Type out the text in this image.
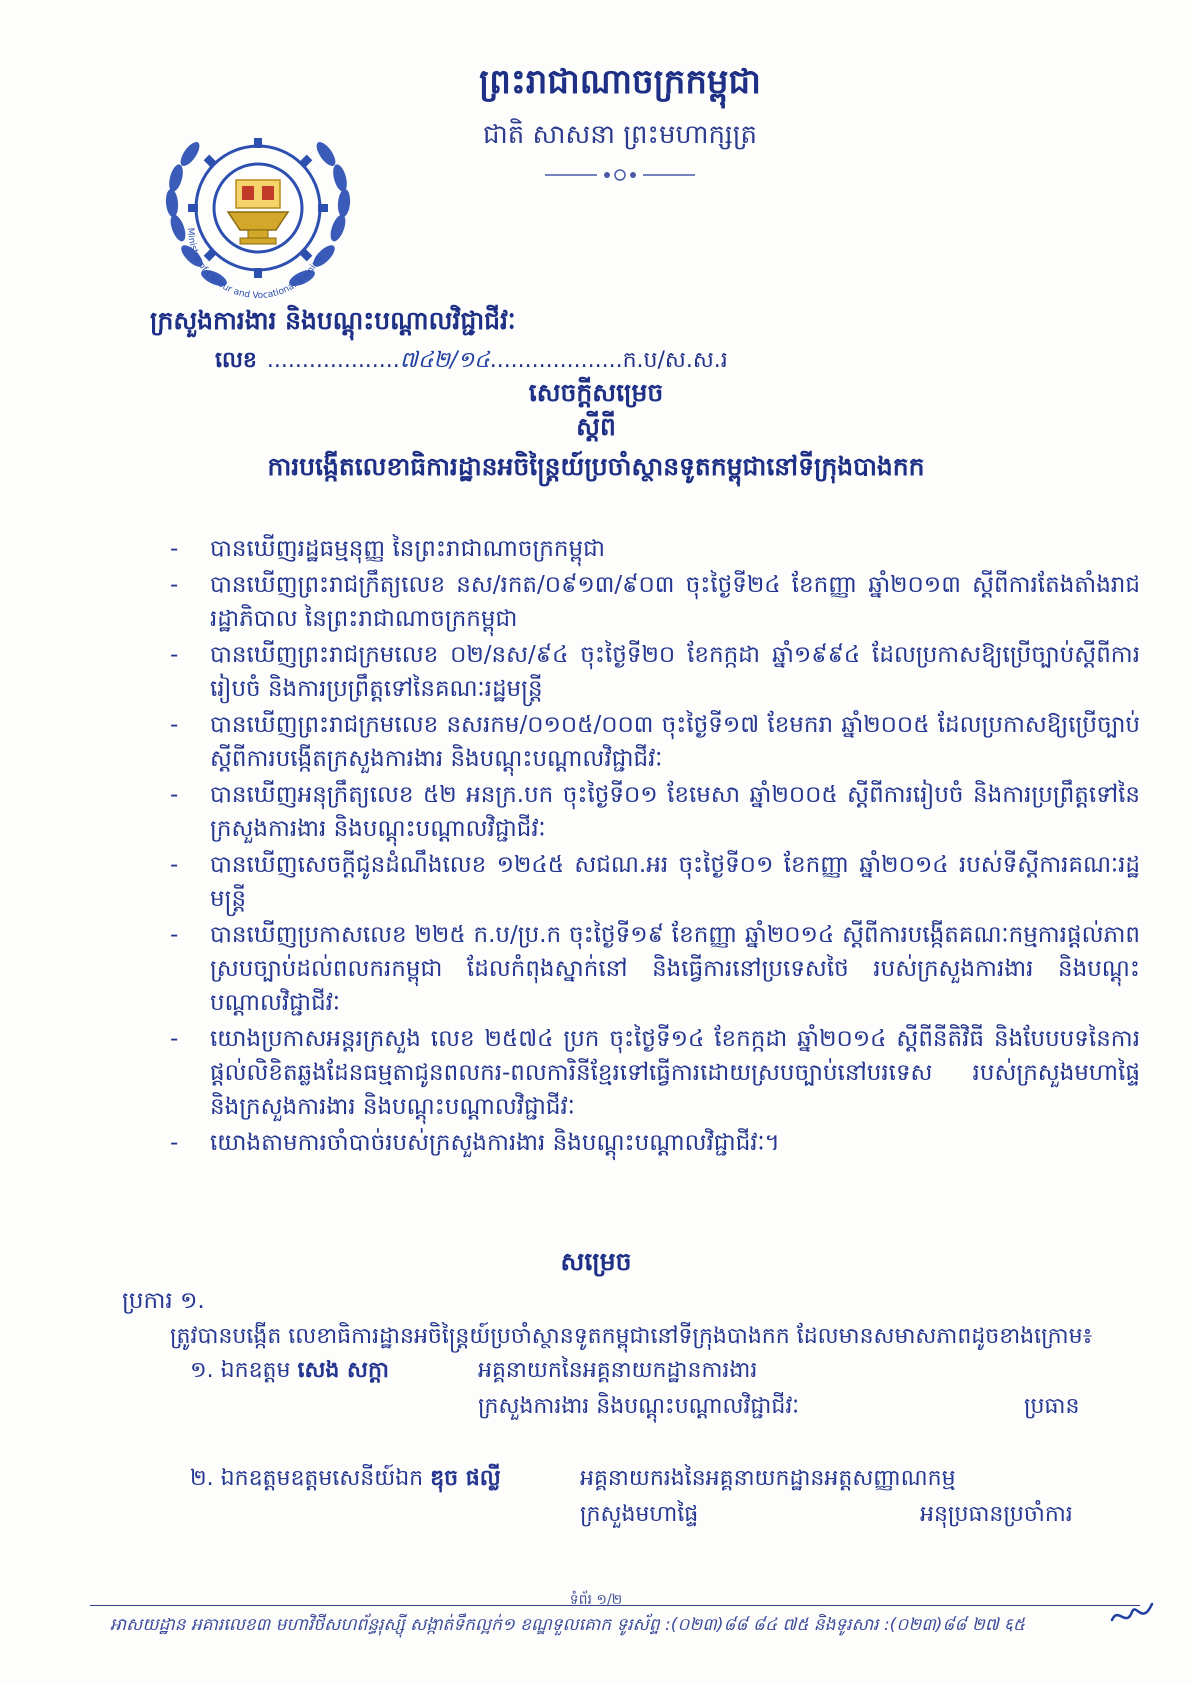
ព្រះរាជាណាចក្រកម្ពុជា
ជាតិ សាសនា ព្រះមហាក្សត្រ
Ministry of Labour and Vocational Training
ក្រសួងការងារ និងបណ្តុះបណ្តាលវិជ្ជាជីវៈ
លេខ ...................៧៤២/១៤...................ក.ប/ស.ស.រ
សេចក្តីសម្រេច
ស្តីពី
ការបង្កើតលេខាធិការដ្ឋានអចិន្ត្រៃយ៍ប្រចាំស្ថានទូតកម្ពុជានៅទីក្រុងបាងកក
- បានឃើញរដ្ឋធម្មនុញ្ញ នៃព្រះរាជាណាចក្រកម្ពុជា
- បានឃើញព្រះរាជក្រឹត្យលេខ នស/រកត/០៩១៣/៩០៣ ចុះថ្ងៃទី២៤ ខែកញ្ញា ឆ្នាំ២០១៣ ស្តីពីការតែងតាំងរាជរដ្ឋាភិបាល នៃព្រះរាជាណាចក្រកម្ពុជា
- បានឃើញព្រះរាជក្រមលេខ ០២/នស/៩៤ ចុះថ្ងៃទី២០ ខែកក្កដា ឆ្នាំ១៩៩៤ ដែលប្រកាសឱ្យប្រើច្បាប់ស្តីពីការរៀបចំ និងការប្រព្រឹត្តទៅនៃគណៈរដ្ឋមន្ត្រី
- បានឃើញព្រះរាជក្រមលេខ នសរកម/០១០៥/០០៣ ចុះថ្ងៃទី១៧ ខែមករា ឆ្នាំ២០០៥ ដែលប្រកាសឱ្យប្រើច្បាប់ស្តីពីការបង្កើតក្រសួងការងារ និងបណ្តុះបណ្តាលវិជ្ជាជីវៈ
- បានឃើញអនុក្រឹត្យលេខ ៥២ អនក្រ.បក ចុះថ្ងៃទី០១ ខែមេសា ឆ្នាំ២០០៥ ស្តីពីការរៀបចំ និងការប្រព្រឹត្តទៅនៃក្រសួងការងារ និងបណ្តុះបណ្តាលវិជ្ជាជីវៈ
- បានឃើញសេចក្តីជូនដំណឹងលេខ ១២៤៥ សជណ.អរ ចុះថ្ងៃទី០១ ខែកញ្ញា ឆ្នាំ២០១៤ របស់ទីស្តីការគណៈរដ្ឋមន្ត្រី
- បានឃើញប្រកាសលេខ ២២៥ ក.ប/ប្រ.ក ចុះថ្ងៃទី១៩ ខែកញ្ញា ឆ្នាំ២០១៤ ស្តីពីការបង្កើតគណៈកម្មការផ្តល់ភាពស្របច្បាប់ដល់ពលករកម្ពុជា ដែលកំពុងស្នាក់នៅ និងធ្វើការនៅប្រទេសថៃ របស់ក្រសួងការងារ និងបណ្តុះបណ្តាលវិជ្ជាជីវៈ
- យោងប្រកាសអន្តរក្រសួង លេខ ២៥៧៤ ប្រក ចុះថ្ងៃទី១៤ ខែកក្កដា ឆ្នាំ២០១៤ ស្តីពីនីតិវិធី និងបែបបទនៃការផ្តល់លិខិតឆ្លងដែនធម្មតាជូនពលករ-ពលការិនីខ្មែរទៅធ្វើការដោយស្របច្បាប់នៅបរទេស របស់ក្រសួងមហាផ្ទៃ និងក្រសួងការងារ និងបណ្តុះបណ្តាលវិជ្ជាជីវៈ
- យោងតាមការចាំបាច់របស់ក្រសួងការងារ និងបណ្តុះបណ្តាលវិជ្ជាជីវៈ។
សម្រេច
ប្រការ ១.
ត្រូវបានបង្កើត លេខាធិការដ្ឋានអចិន្ត្រៃយ៍ប្រចាំស្ថានទូតកម្ពុជានៅទីក្រុងបាងកក ដែលមានសមាសភាពដូចខាងក្រោម៖
១. ឯកឧត្តម សេង សក្តា	អគ្គនាយកនៃអគ្គនាយកដ្ឋានការងារ
ក្រសួងការងារ និងបណ្តុះបណ្តាលវិជ្ជាជីវៈ	ប្រធាន
២. ឯកឧត្តមឧត្តមសេនីយ៍ឯក ឌុច ផល្លី	អគ្គនាយករងនៃអគ្គនាយកដ្ឋានអត្តសញ្ញាណកម្ម
ក្រសួងមហាផ្ទៃ	អនុប្រធានប្រចាំការ
ទំព័រ ១/២
អាសយដ្ឋាន អគារលេខ៣ មហាវិថីសហព័ន្ធរុស្ស៊ី សង្កាត់ទឹកល្អក់១ ខណ្ឌទួលគោក ទូរស័ព្ទ :(០២៣)៨៨ ៨៤ ៧៥ និងទូរសារ :(០២៣)៨៨ ២៧ ६៥
